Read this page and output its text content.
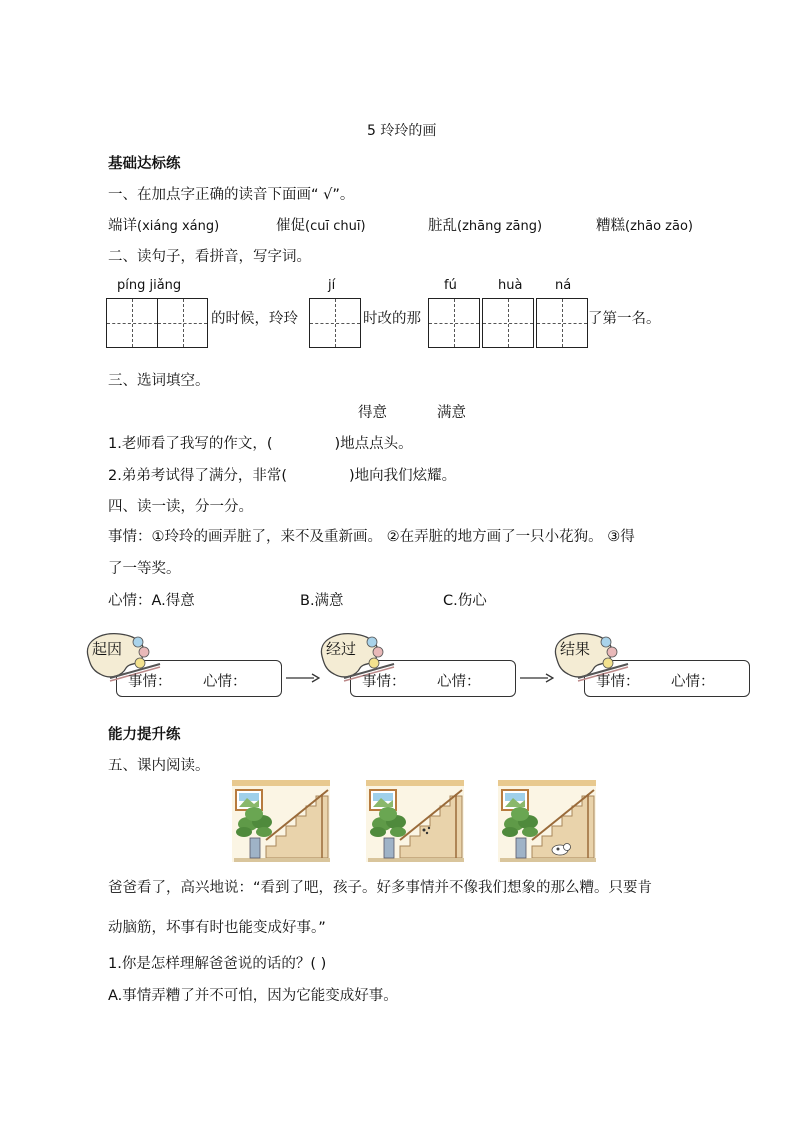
5 玲玲的画
基础达标练
一、在加点字正确的读音下面画“ √”。
端详(xiáng xáng)	催促(cuī chuī)	脏乱(zhāng zāng)	糟糕(zhāo zāo)
二、读句子，看拼音，写字词。
píng jiǎng	jí	fú	huà	ná
的时候，玲玲	时改的那	了第一名。
三、选词填空。
得意	满意
1.老师看了我写的作文，(	)地点点头。
2.弟弟考试得了满分，非常(	)地向我们炫耀。
四、读一读，分一分。
事情：①玲玲的画弄脏了，来不及重新画。 ②在弄脏的地方画了一只小花狗。 ③得
了一等奖。
心情：A.得意	B.满意	C.伤心
起因	经过	结果
事情： 心情：	事情： 心情：	事情： 心情：
能力提升练
五、课内阅读。
爸爸看了，高兴地说：“看到了吧，孩子。好多事情并不像我们想象的那么糟。只要肯
动脑筋，坏事有时也能变成好事。”
1.你是怎样理解爸爸说的话的？( )
A.事情弄糟了并不可怕，因为它能变成好事。
